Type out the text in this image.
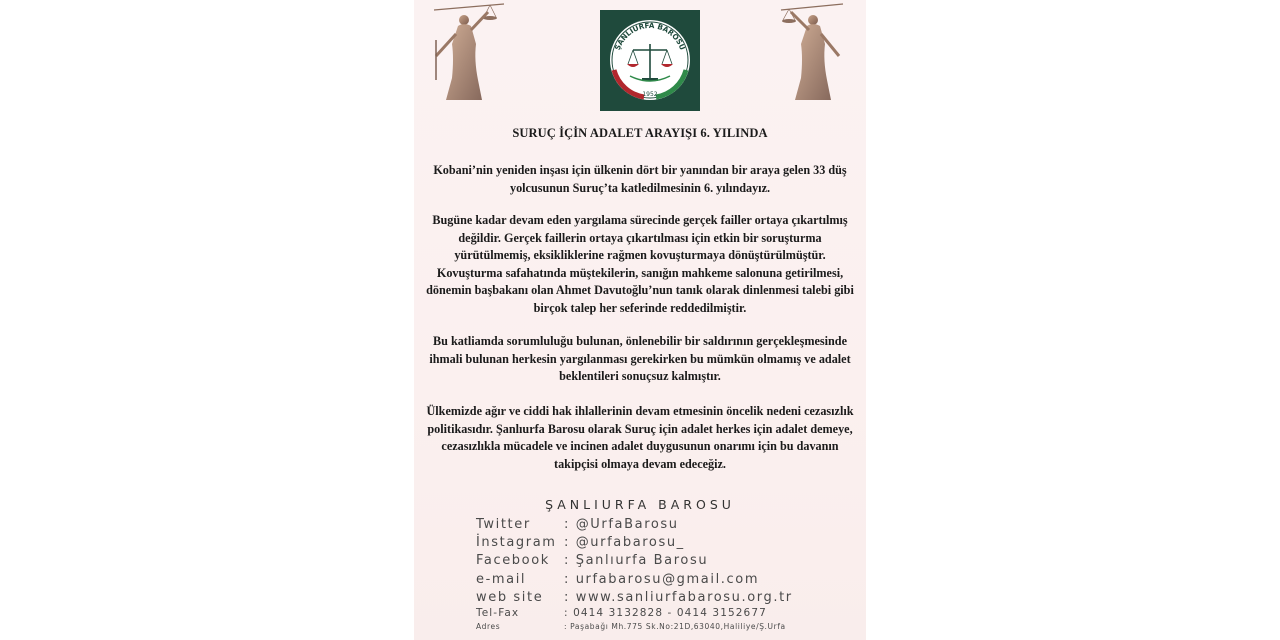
ŞANLIURFA BAROSU
1952
SURUÇ İÇİN ADALET ARAYIŞI 6. YILINDA
Kobani’nin yeniden inşası için ülkenin dört bir yanından bir araya gelen 33 düş yolcusunun Suruç’ta katledilmesinin 6. yılındayız.
Bugüne kadar devam eden yargılama sürecinde gerçek failler ortaya çıkartılmış değildir. Gerçek faillerin ortaya çıkartılması için etkin bir soruşturma yürütülmemiş, eksikliklerine rağmen kovuşturmaya dönüştürülmüştür. Kovuşturma safahatında müştekilerin, sanığın mahkeme salonuna getirilmesi, dönemin başbakanı olan Ahmet Davutoğlu’nun tanık olarak dinlenmesi talebi gibi birçok talep her seferinde reddedilmiştir.
Bu katliamda sorumluluğu bulunan, önlenebilir bir saldırının gerçekleşmesinde ihmali bulunan herkesin yargılanması gerekirken bu mümkün olmamış ve adalet beklentileri sonuçsuz kalmıştır.
Ülkemizde ağır ve ciddi hak ihlallerinin devam etmesinin öncelik nedeni cezasızlık politikasıdır. Şanlıurfa Barosu olarak Suruç için adalet herkes için adalet demeye, cezasızlıkla mücadele ve incinen adalet duygusunun onarımı için bu davanın takipçisi olmaya devam edeceğiz.
ŞANLIURFA BAROSU
Twitter	: @UrfaBarosu
İnstagram : @urfabarosu_
Facebook : Şanlıurfa Barosu
e-mail	: urfabarosu@gmail.com
web site : www.sanliurfabarosu.org.tr
Tel-Fax	: 0414 3132828 - 0414 3152677
Adres	: Paşabağı Mh.775 Sk.No:21D,63040,Haliliye/Ş.Urfa
